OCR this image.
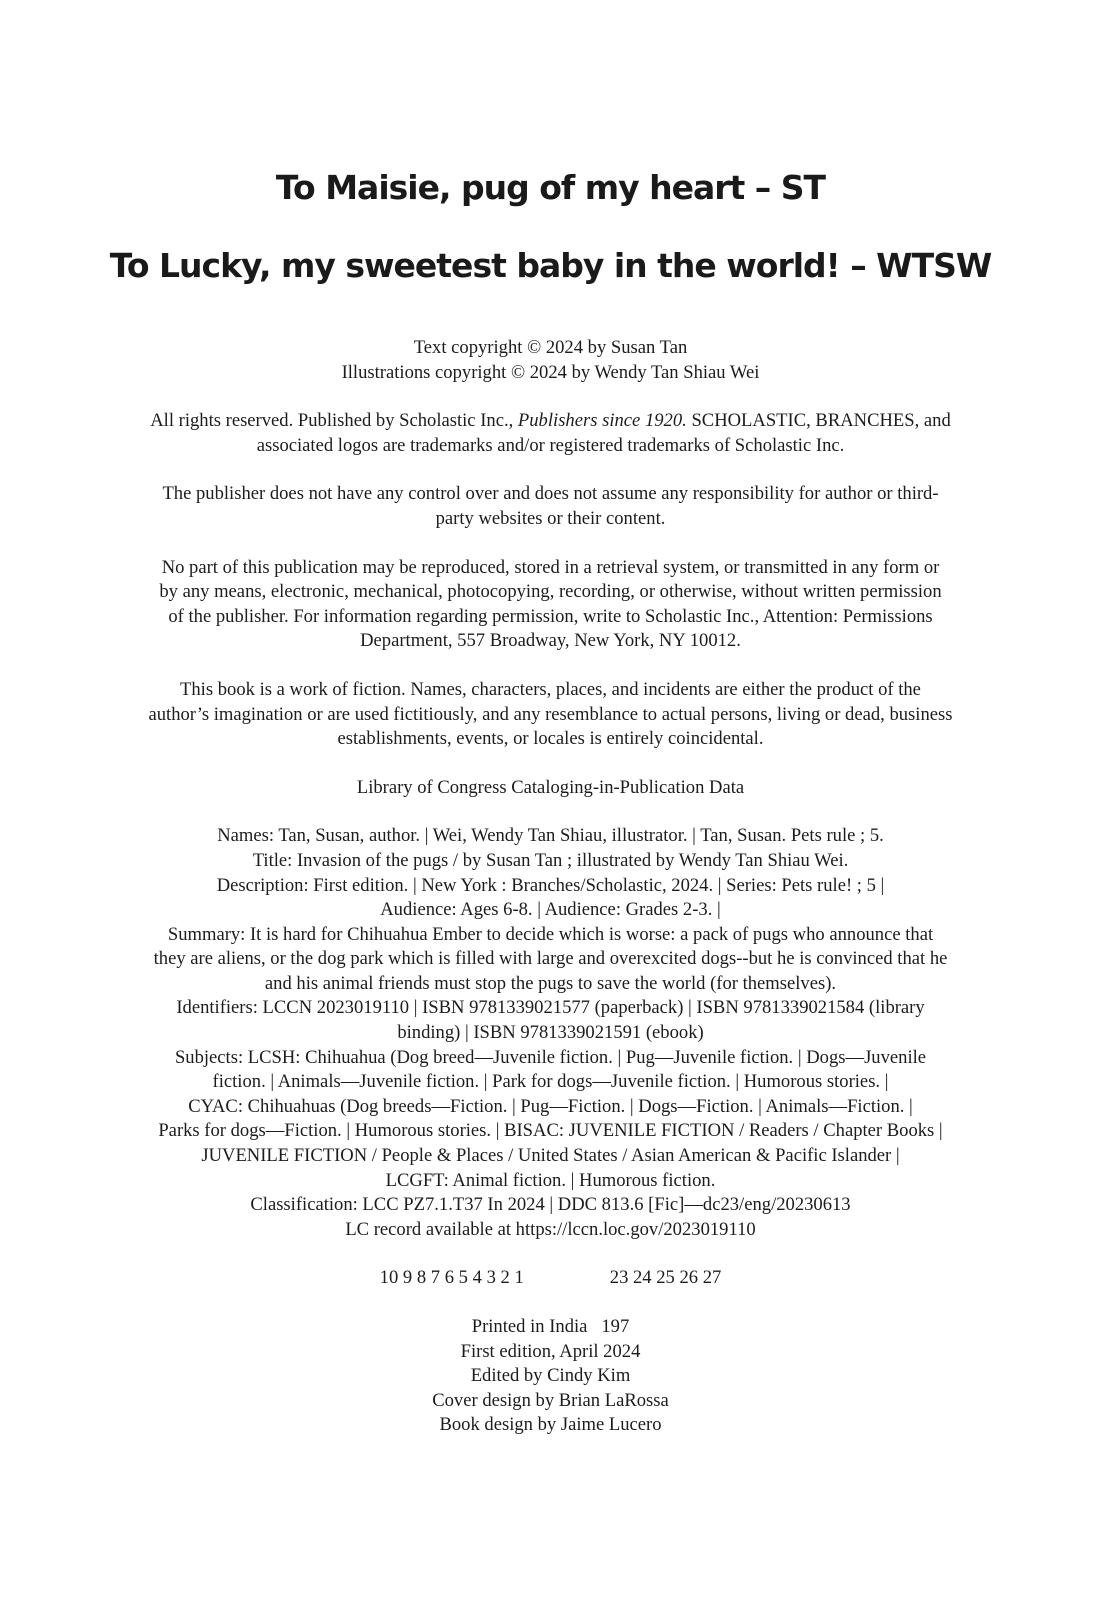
To Maisie, pug of my heart – ST
To Lucky, my sweetest baby in the world! – WTSW

Text copyright © 2024 by Susan Tan
Illustrations copyright © 2024 by Wendy Tan Shiau Wei

All rights reserved. Published by Scholastic Inc., Publishers since 1920. SCHOLASTIC, BRANCHES, and
associated logos are trademarks and/or registered trademarks of Scholastic Inc.

The publisher does not have any control over and does not assume any responsibility for author or third-
party websites or their content.

No part of this publication may be reproduced, stored in a retrieval system, or transmitted in any form or
by any means, electronic, mechanical, photocopying, recording, or otherwise, without written permission
of the publisher. For information regarding permission, write to Scholastic Inc., Attention: Permissions
Department, 557 Broadway, New York, NY 10012.

This book is a work of fiction. Names, characters, places, and incidents are either the product of the
author’s imagination or are used fictitiously, and any resemblance to actual persons, living or dead, business
establishments, events, or locales is entirely coincidental.

Library of Congress Cataloging-in-Publication Data

Names: Tan, Susan, author. | Wei, Wendy Tan Shiau, illustrator. | Tan, Susan. Pets rule ; 5.
Title: Invasion of the pugs / by Susan Tan ; illustrated by Wendy Tan Shiau Wei.
Description: First edition. | New York : Branches/Scholastic, 2024. | Series: Pets rule! ; 5 |
Audience: Ages 6-8. | Audience: Grades 2-3. |
Summary: It is hard for Chihuahua Ember to decide which is worse: a pack of pugs who announce that
they are aliens, or the dog park which is filled with large and overexcited dogs--but he is convinced that he
and his animal friends must stop the pugs to save the world (for themselves).
Identifiers: LCCN 2023019110 | ISBN 9781339021577 (paperback) | ISBN 9781339021584 (library
binding) | ISBN 9781339021591 (ebook)
Subjects: LCSH: Chihuahua (Dog breed—Juvenile fiction. | Pug—Juvenile fiction. | Dogs—Juvenile
fiction. | Animals—Juvenile fiction. | Park for dogs—Juvenile fiction. | Humorous stories. |
CYAC: Chihuahuas (Dog breeds—Fiction. | Pug—Fiction. | Dogs—Fiction. | Animals—Fiction. |
Parks for dogs—Fiction. | Humorous stories. | BISAC: JUVENILE FICTION / Readers / Chapter Books |
JUVENILE FICTION / People & Places / United States / Asian American & Pacific Islander |
LCGFT: Animal fiction. | Humorous fiction.
Classification: LCC PZ7.1.T37 In 2024 | DDC 813.6 [Fic]—dc23/eng/20230613
LC record available at https://lccn.loc.gov/2023019110

10 9 8 7 6 5 4 3 2 1	23 24 25 26 27

Printed in India   197
First edition, April 2024
Edited by Cindy Kim
Cover design by Brian LaRossa
Book design by Jaime Lucero
